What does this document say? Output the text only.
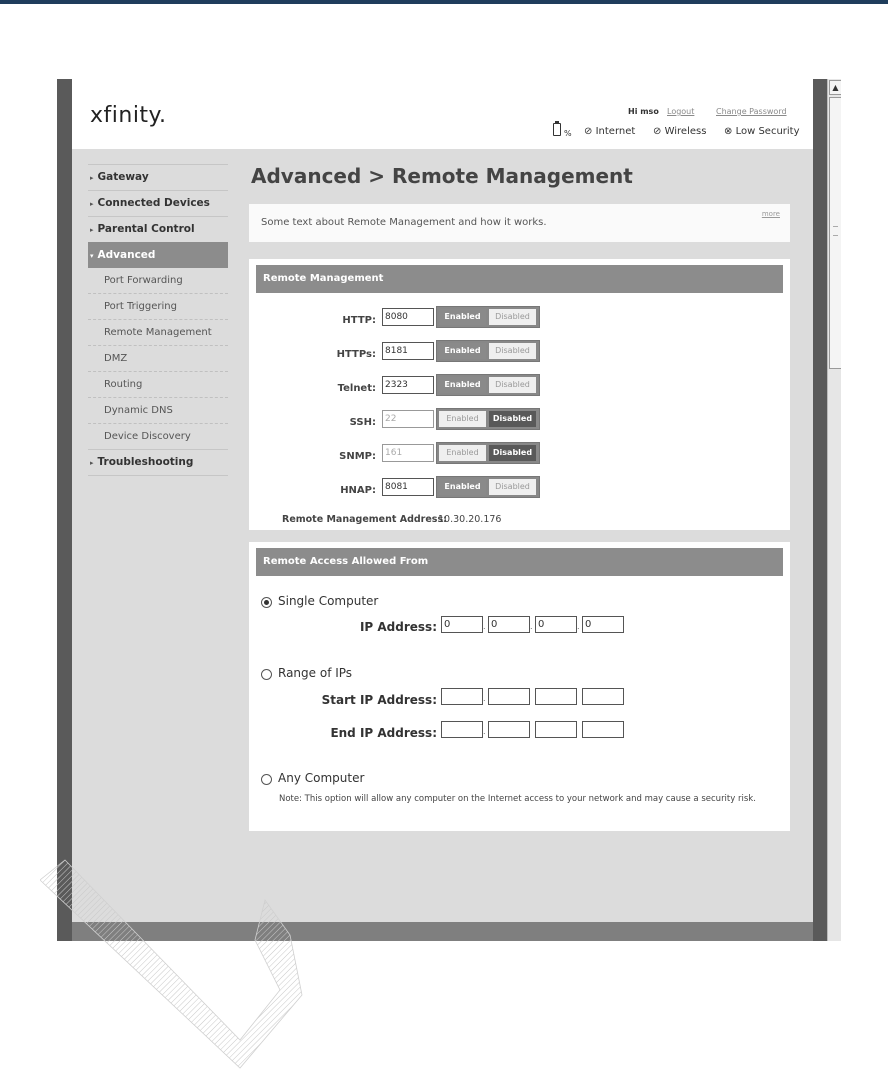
▲
xfinity.	Hi mso Logout	Change Password
% ⊘ Internet ⊘ Wireless ⊗ Low Security
▸ Gateway
▸ Connected Devices
▸ Parental Control
▾ Advanced
Port Forwarding
Port Triggering
Remote Management
DMZ
Routing
Dynamic DNS
Device Discovery
▸ Troubleshooting
Advanced > Remote Management
Some text about Remote Management and how it works.
more
Remote Management
HTTP:	8080	Enabled	Disabled
HTTPs:	8181	Enabled	Disabled
Telnet:	2323	Enabled	Disabled
SSH:	22	Enabled	Disabled
SNMP:	161	Enabled	Disabled
HNAP:	8081	Enabled	Disabled
Remote Management Address:
10.30.20.176
Remote Access Allowed From
Single Computer
IP Address: 0	. 0	. 0	. 0
Range of IPs
Start IP Address:	.
End IP Address:	.
Any Computer
Note: This option will allow any computer on the Internet access to your network and may cause a security risk.
